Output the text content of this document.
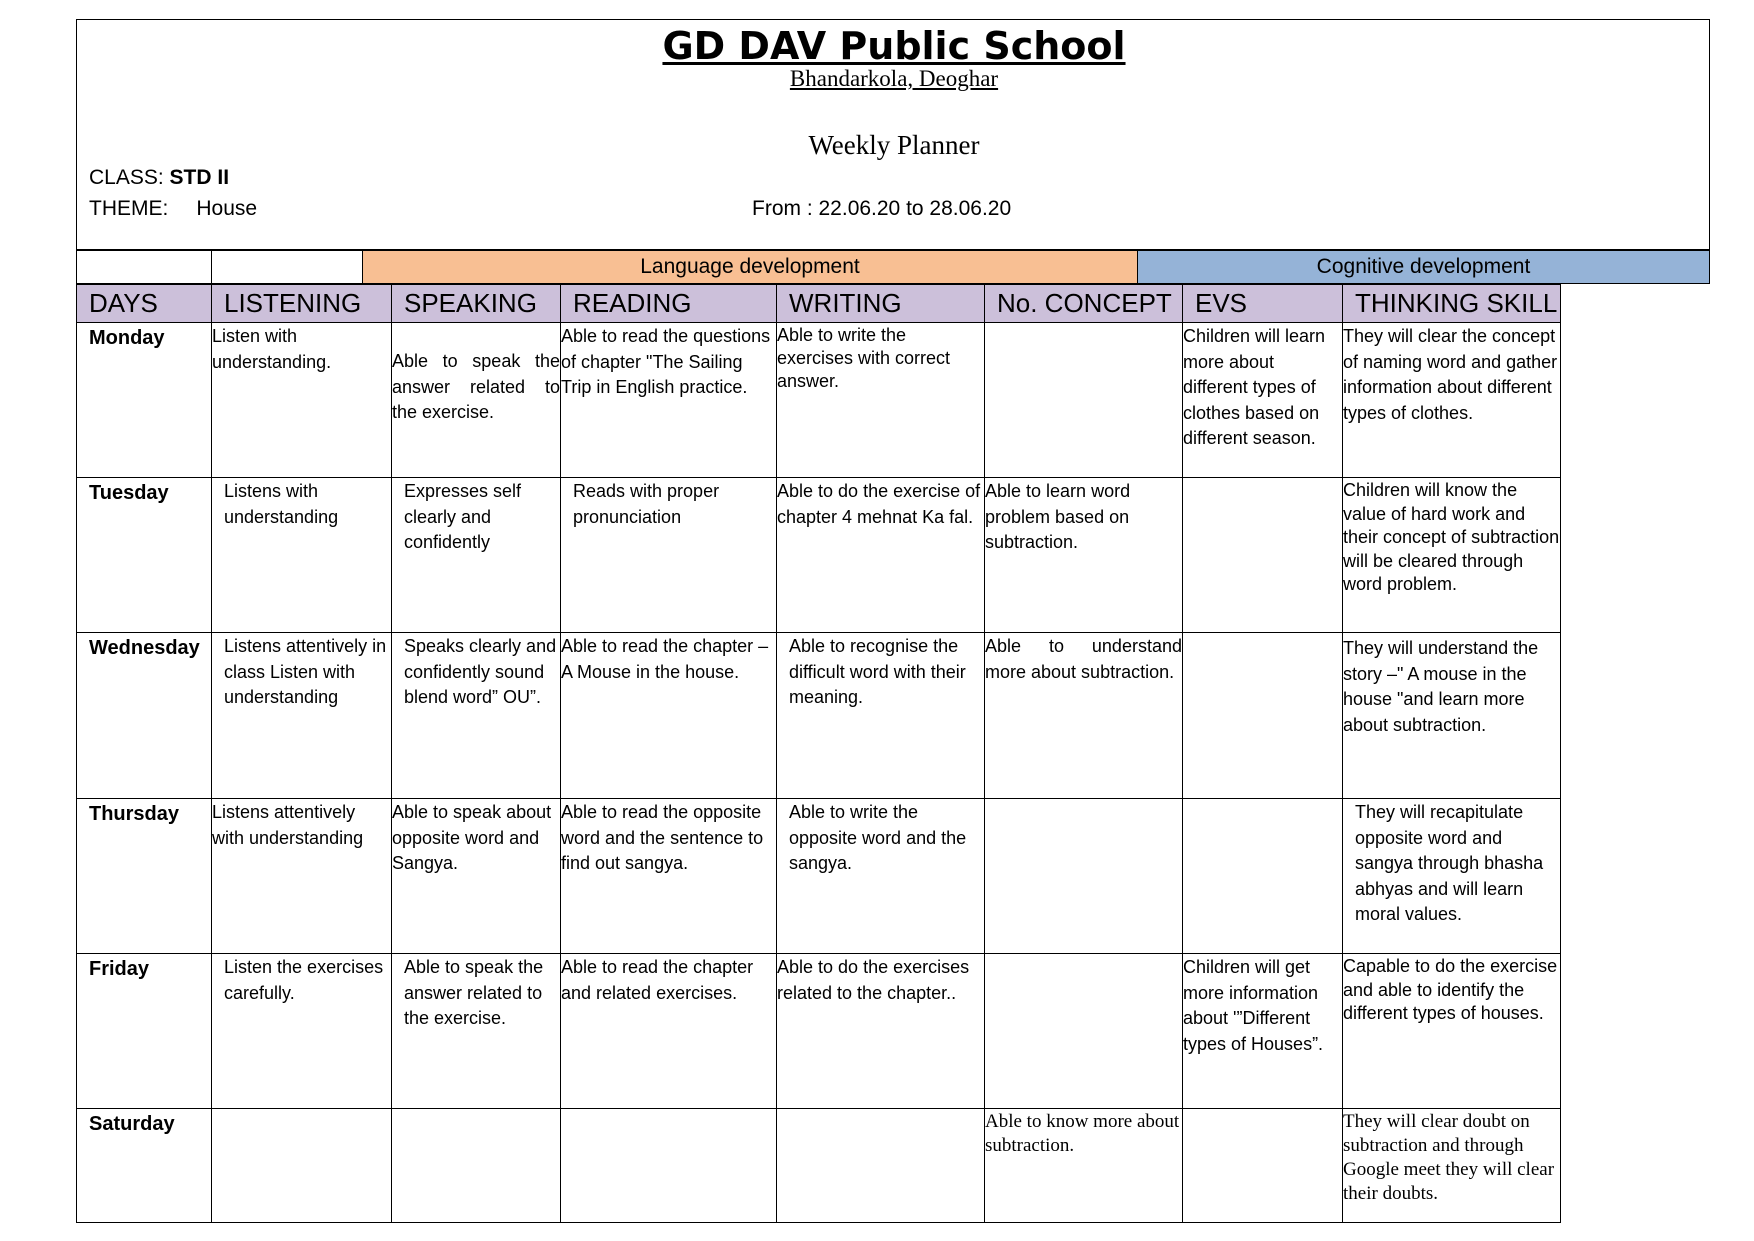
GD DAV Public School
Bhandarkola, Deoghar
Weekly Planner
CLASS: STD II
THEME: House	From : 22.06.20 to 28.06.20
Language development	Cognitive development
DAYS	LISTENING	SPEAKING	READING	WRITING	No. CONCEPT	EVS	THINKING SKILL
Monday	Listen with understanding.	Able to speak the answer related to the exercise.	Able to read the questions of chapter "The Sailing Trip in English practice.	Able to write the exercises with correct answer.		Children will learn more about different types of clothes based on different season.	They will clear the concept of naming word and gather information about different types of clothes.

Tuesday	Listens with understanding	Expresses self clearly and confidently	Reads with proper pronunciation	Able to do the exercise of chapter 4 mehnat Ka fal.	Able to learn word problem based on subtraction.		Children will know the value of hard work and their concept of subtraction will be cleared through word problem.

Wednesday	Listens attentively in class Listen with understanding	Speaks clearly and confidently sound blend word” OU”.	Able to read the chapter – A Mouse in the house.	Able to recognise the difficult word with their meaning.	Able to understand more about subtraction.		They will understand the story –" A mouse in the house "and learn more about subtraction.

Thursday	Listens attentively with understanding	Able to speak about opposite word and Sangya.	Able to read the opposite word and the sentence to find out sangya.	Able to write the opposite word and the sangya.			They will recapitulate opposite word and sangya through bhasha abhyas and will learn moral values.

Friday	Listen the exercises carefully.	Able to speak the answer related to the exercise.	Able to read the chapter and related exercises.	Able to do the exercises related to the chapter..		Children will get more information about '”Different types of Houses”.	Capable to do the exercise and able to identify the different types of houses.

Saturday					Able to know more about subtraction.		They will clear doubt on subtraction and through Google meet they will clear their doubts.
